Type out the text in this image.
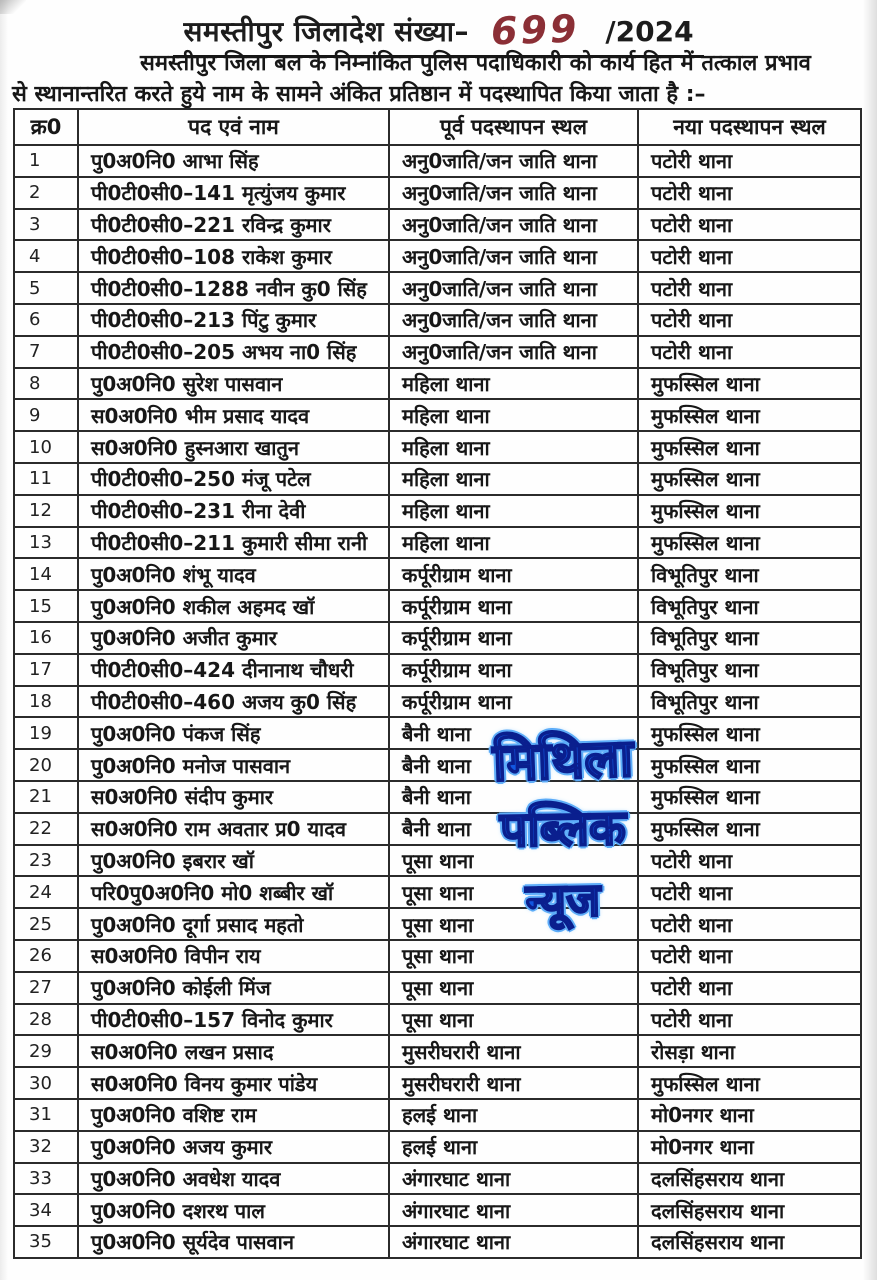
समस्तीपुर जिलादेश संख्या– 699 /2024
समस्तीपुर जिला बल के निम्नांकित पुलिस पदाधिकारी को कार्य हित में तत्काल प्रभाव
से स्थानान्तरित करते हुये नाम के सामने अंकित प्रतिष्ठान में पदस्थापित किया जाता है :–
क्र0	पद एवं नाम	पूर्व पदस्थापन स्थल	नया पदस्थापन स्थल
1	पु0अ0नि0 आभा सिंह	अनु0जाति/जन जाति थाना	पटोरी थाना
2	पी0टी0सी0–141 मृत्युंजय कुमार	अनु0जाति/जन जाति थाना	पटोरी थाना
3	पी0टी0सी0–221 रविन्द्र कुमार	अनु0जाति/जन जाति थाना	पटोरी थाना
4	पी0टी0सी0–108 राकेश कुमार	अनु0जाति/जन जाति थाना	पटोरी थाना
5	पी0टी0सी0–1288 नवीन कु0 सिंह	अनु0जाति/जन जाति थाना	पटोरी थाना
6	पी0टी0सी0–213 पिंटु कुमार	अनु0जाति/जन जाति थाना	पटोरी थाना
7	पी0टी0सी0–205 अभय ना0 सिंह	अनु0जाति/जन जाति थाना	पटोरी थाना
8	पु0अ0नि0 सुरेश पासवान	महिला थाना	मुफस्सिल थाना
9	स0अ0नि0 भीम प्रसाद यादव	महिला थाना	मुफस्सिल थाना
10	स0अ0नि0 हुस्नआरा खातुन	महिला थाना	मुफस्सिल थाना
11	पी0टी0सी0–250 मंजू पटेल	महिला थाना	मुफस्सिल थाना
12	पी0टी0सी0–231 रीना देवी	महिला थाना	मुफस्सिल थाना
13	पी0टी0सी0–211 कुमारी सीमा रानी	महिला थाना	मुफस्सिल थाना
14	पु0अ0नि0 शंभू यादव	कर्पूरीग्राम थाना	विभूतिपुर थाना
15	पु0अ0नि0 शकील अहमद खॉ	कर्पूरीग्राम थाना	विभूतिपुर थाना
16	पु0अ0नि0 अजीत कुमार	कर्पूरीग्राम थाना	विभूतिपुर थाना
17	पी0टी0सी0–424 दीनानाथ चौधरी	कर्पूरीग्राम थाना	विभूतिपुर थाना
18	पी0टी0सी0–460 अजय कु0 सिंह	कर्पूरीग्राम थाना	विभूतिपुर थाना
19	पु0अ0नि0 पंकज सिंह	बैनी थाना	मुफस्सिल थाना
20	पु0अ0नि0 मनोज पासवान	बैनी थाना	मुफस्सिल थाना
21	स0अ0नि0 संदीप कुमार	बैनी थाना	मुफस्सिल थाना
22	स0अ0नि0 राम अवतार प्र0 यादव	बैनी थाना	मुफस्सिल थाना
23	पु0अ0नि0 इबरार खॉ	पूसा थाना	पटोरी थाना
24	परि0पु0अ0नि0 मो0 शब्बीर खॉ	पूसा थाना	पटोरी थाना
25	पु0अ0नि0 दूर्गा प्रसाद महतो	पूसा थाना	पटोरी थाना
26	स0अ0नि0 विपीन राय	पूसा थाना	पटोरी थाना
27	पु0अ0नि0 कोईली मिंज	पूसा थाना	पटोरी थाना
28	पी0टी0सी0–157 विनोद कुमार	पूसा थाना	पटोरी थाना
29	स0अ0नि0 लखन प्रसाद	मुसरीघरारी थाना	रोसड़ा थाना
30	स0अ0नि0 विनय कुमार पांडेय	मुसरीघरारी थाना	मुफस्सिल थाना
31	पु0अ0नि0 वशिष्ट राम	हलई थाना	मो0नगर थाना
32	पु0अ0नि0 अजय कुमार	हलई थाना	मो0नगर थाना
33	पु0अ0नि0 अवधेश यादव	अंगारघाट थाना	दलसिंहसराय थाना
34	पु0अ0नि0 दशरथ पाल	अंगारघाट थाना	दलसिंहसराय थाना
35	पु0अ0नि0 सूर्यदेव पासवान	अंगारघाट थाना	दलसिंहसराय थाना
मिथिला
पब्लिक
न्यूज
